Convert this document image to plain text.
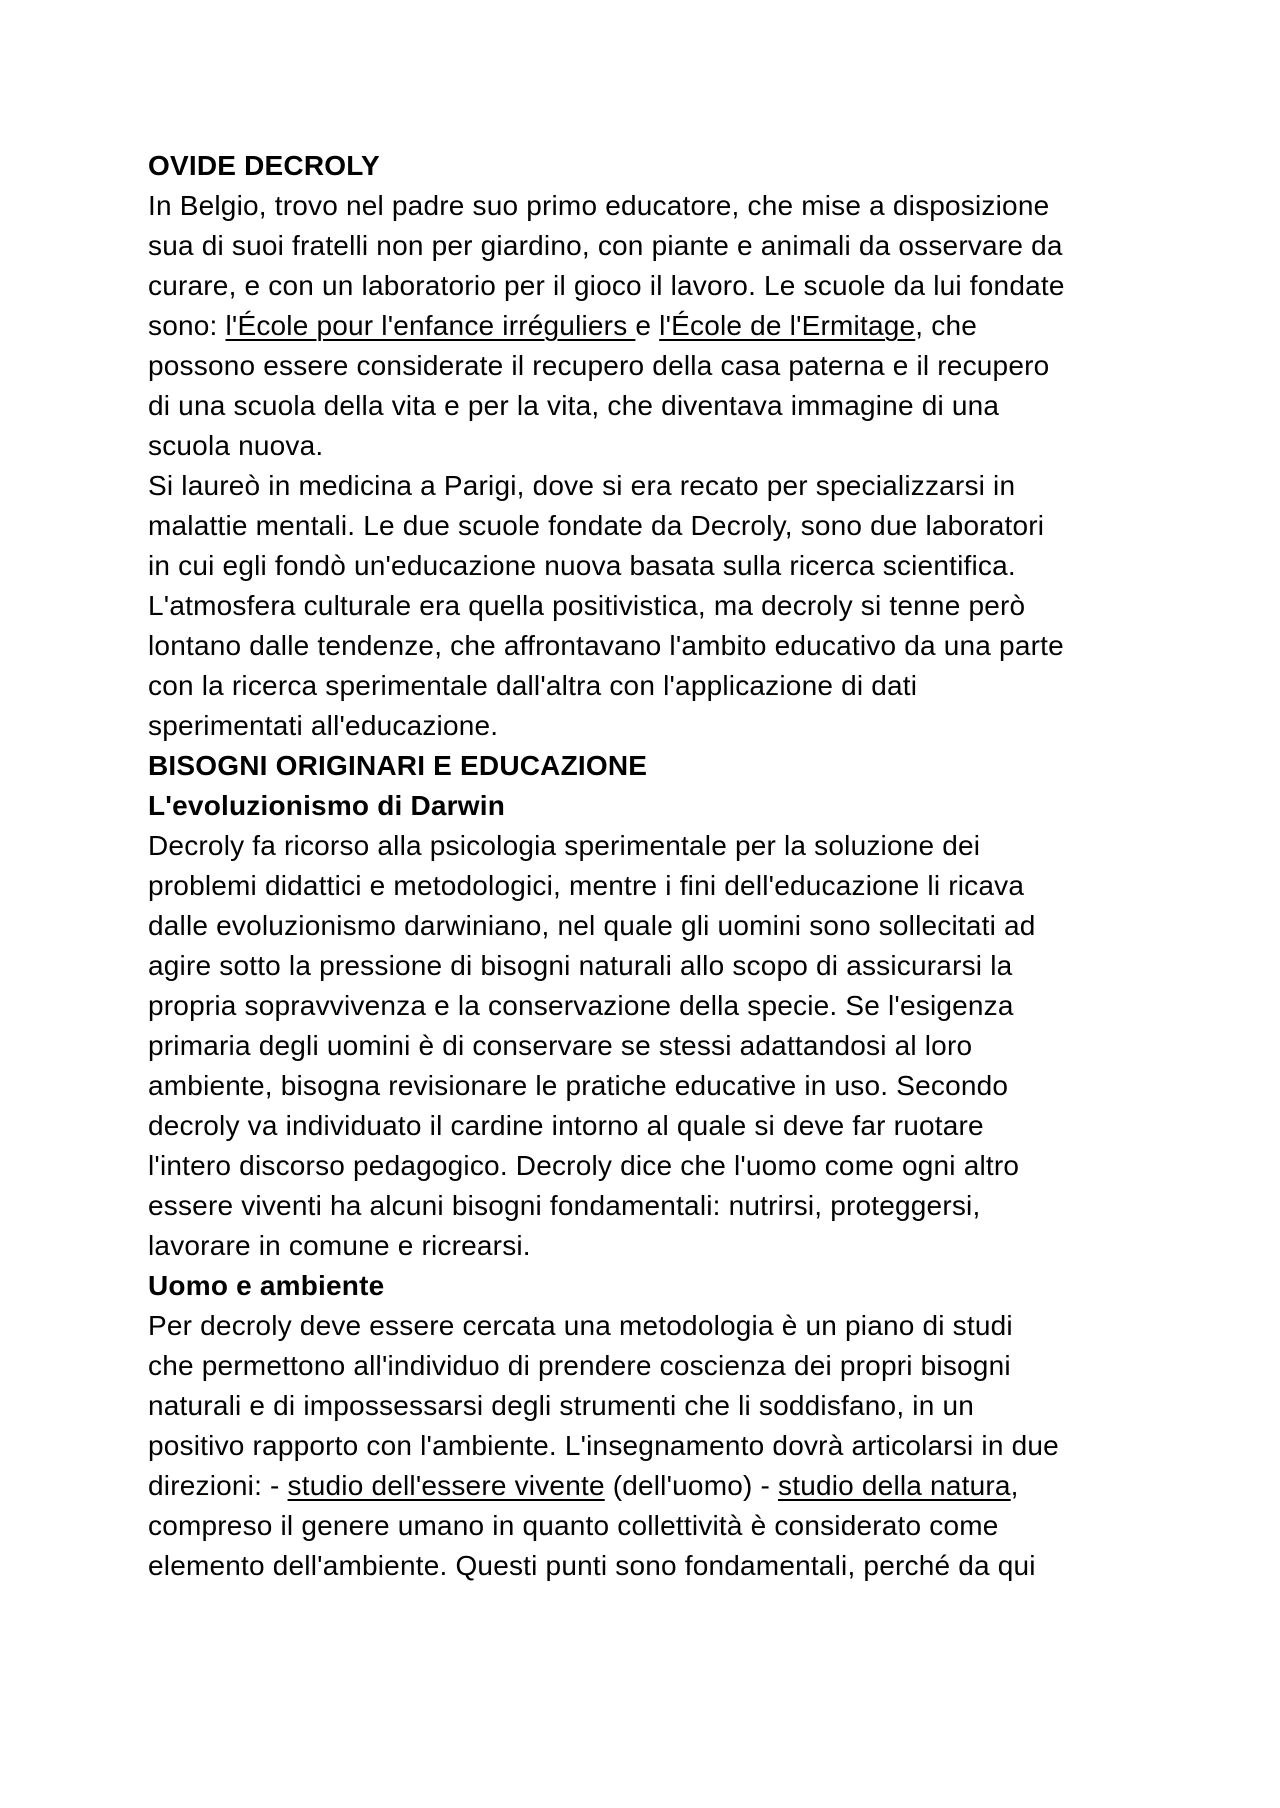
OVIDE DECROLY
In Belgio, trovo nel padre suo primo educatore, che mise a disposizione
sua di suoi fratelli non per giardino, con piante e animali da osservare da
curare, e con un laboratorio per il gioco il lavoro. Le scuole da lui fondate
sono: l'École pour l'enfance irréguliers e l'École de l'Ermitage, che
possono essere considerate il recupero della casa paterna e il recupero
di una scuola della vita e per la vita, che diventava immagine di una
scuola nuova.
Si laureò in medicina a Parigi, dove si era recato per specializzarsi in
malattie mentali. Le due scuole fondate da Decroly, sono due laboratori
in cui egli fondò un'educazione nuova basata sulla ricerca scientifica.
L'atmosfera culturale era quella positivistica, ma decroly si tenne però
lontano dalle tendenze, che affrontavano l'ambito educativo da una parte
con la ricerca sperimentale dall'altra con l'applicazione di dati
sperimentati all'educazione.
BISOGNI ORIGINARI E EDUCAZIONE
L'evoluzionismo di Darwin
Decroly fa ricorso alla psicologia sperimentale per la soluzione dei
problemi didattici e metodologici, mentre i fini dell'educazione li ricava
dalle evoluzionismo darwiniano, nel quale gli uomini sono sollecitati ad
agire sotto la pressione di bisogni naturali allo scopo di assicurarsi la
propria sopravvivenza e la conservazione della specie. Se l'esigenza
primaria degli uomini è di conservare se stessi adattandosi al loro
ambiente, bisogna revisionare le pratiche educative in uso. Secondo
decroly va individuato il cardine intorno al quale si deve far ruotare
l'intero discorso pedagogico. Decroly dice che l'uomo come ogni altro
essere viventi ha alcuni bisogni fondamentali: nutrirsi, proteggersi,
lavorare in comune e ricrearsi.
Uomo e ambiente
Per decroly deve essere cercata una metodologia è un piano di studi
che permettono all'individuo di prendere coscienza dei propri bisogni
naturali e di impossessarsi degli strumenti che li soddisfano, in un
positivo rapporto con l'ambiente. L'insegnamento dovrà articolarsi in due
direzioni: - studio dell'essere vivente (dell'uomo) - studio della natura,
compreso il genere umano in quanto collettività è considerato come
elemento dell'ambiente. Questi punti sono fondamentali, perché da qui
